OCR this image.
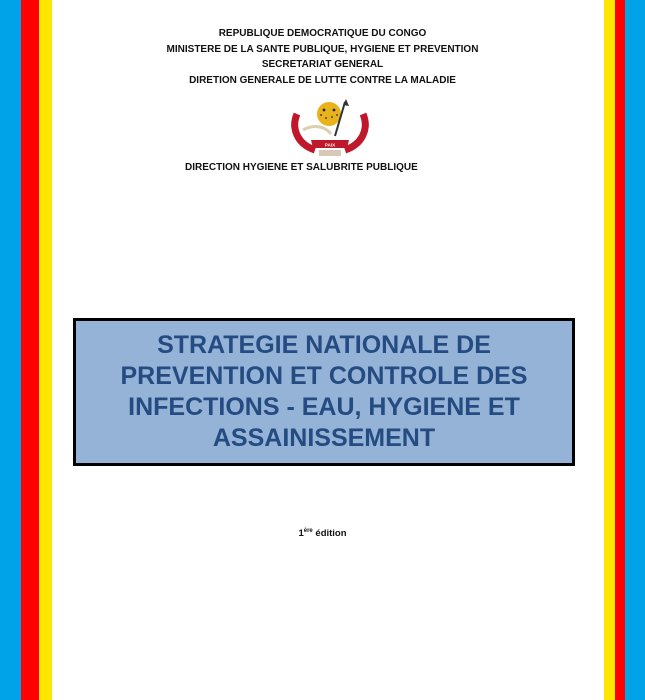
REPUBLIQUE DEMOCRATIQUE DU CONGO
MINISTERE DE LA SANTE PUBLIQUE, HYGIENE ET PREVENTION
SECRETARIAT GENERAL
DIRETION GENERALE DE LUTTE CONTRE LA MALADIE
PAIX
DIRECTION HYGIENE ET SALUBRITE PUBLIQUE
STRATEGIE NATIONALE DE
PREVENTION ET CONTROLE DES
INFECTIONS - EAU, HYGIENE ET
ASSAINISSEMENT
1ère édition
